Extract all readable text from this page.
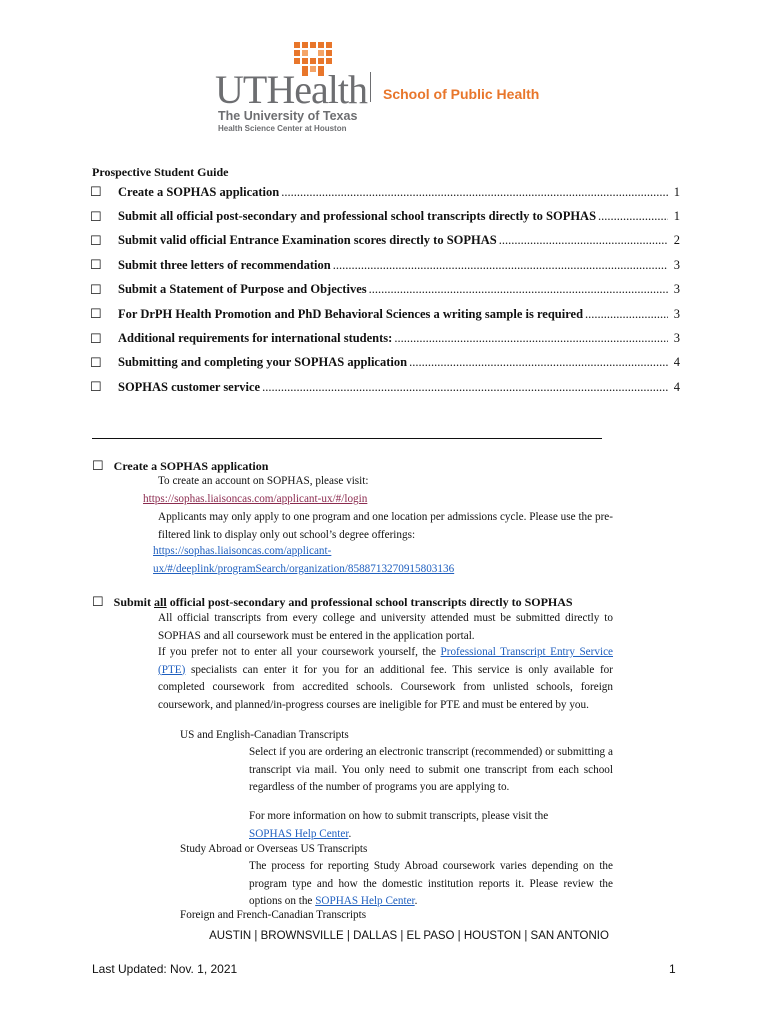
UTHealth School of Public Health
The University of Texas
Health Science Center at Houston
Prospective Student Guide
☐ Create a SOPHAS application .....	1
☐ Submit all official post-secondary and professional school transcripts directly to SOPHAS .....	1
☐ Submit valid official Entrance Examination scores directly to SOPHAS .....	2
☐ Submit three letters of recommendation .....	3
☐ Submit a Statement of Purpose and Objectives .....	3
☐ For DrPH Health Promotion and PhD Behavioral Sciences a writing sample is required .....	3
☐ Additional requirements for international students: .....	3
☐ Submitting and completing your SOPHAS application .....	4
☐ SOPHAS customer service .....	4
☐ Create a SOPHAS application
To create an account on SOPHAS, please visit:
https://sophas.liaisoncas.com/applicant-ux/#/login
Applicants may only apply to one program and one location per admissions cycle. Please use the pre-filtered link to display only out school’s degree offerings:
https://sophas.liaisoncas.com/applicant-
ux/#/deeplink/programSearch/organization/8588713270915803136
☐ Submit all official post-secondary and professional school transcripts directly to SOPHAS
All official transcripts from every college and university attended must be submitted directly to SOPHAS and all coursework must be entered in the application portal.
If you prefer not to enter all your coursework yourself, the Professional Transcript Entry Service (PTE) specialists can enter it for you for an additional fee. This service is only available for completed coursework from accredited schools. Coursework from unlisted schools, foreign coursework, and planned/in-progress courses are ineligible for PTE and must be entered by you.
US and English-Canadian Transcripts
Select if you are ordering an electronic transcript (recommended) or submitting a transcript via mail. You only need to submit one transcript from each school regardless of the number of programs you are applying to.
For more information on how to submit transcripts, please visit the
SOPHAS Help Center.
Study Abroad or Overseas US Transcripts
The process for reporting Study Abroad coursework varies depending on the program type and how the domestic institution reports it. Please review the options on the SOPHAS Help Center.
Foreign and French-Canadian Transcripts
AUSTIN | BROWNSVILLE | DALLAS | EL PASO | HOUSTON | SAN ANTONIO
Last Updated: Nov. 1, 2021	1
